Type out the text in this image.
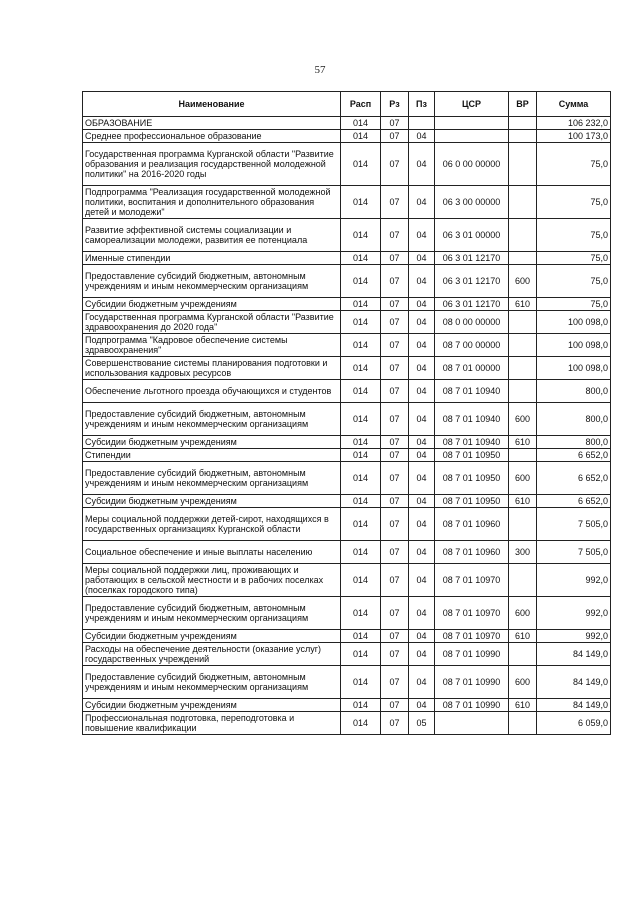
57
Наименование	Расп	Рз	Пз	ЦСР	ВР	Сумма
ОБРАЗОВАНИЕ	014	07				106 232,0
Среднее профессиональное образование	014	07	04			100 173,0
Государственная программа Курганской области "Развитие образования и реализация государственной молодежной политики" на 2016-2020 годы	014	07	04	06 0 00 00000		75,0
Подпрограмма "Реализация государственной молодежной политики, воспитания и дополнительного образования детей и молодежи"	014	07	04	06 3 00 00000		75,0
Развитие эффективной системы социализации и самореализации молодежи, развития ее потенциала	014	07	04	06 3 01 00000		75,0
Именные стипендии	014	07	04	06 3 01 12170		75,0
Предоставление субсидий бюджетным, автономным учреждениям и иным некоммерческим организациям	014	07	04	06 3 01 12170	600	75,0
Субсидии бюджетным учреждениям	014	07	04	06 3 01 12170	610	75,0
Государственная программа Курганской области "Развитие здравоохранения до 2020 года"	014	07	04	08 0 00 00000		100 098,0
Подпрограмма "Кадровое обеспечение системы здравоохранения"	014	07	04	08 7 00 00000		100 098,0
Совершенствование системы планирования подготовки и использования кадровых ресурсов	014	07	04	08 7 01 00000		100 098,0
Обеспечение льготного проезда обучающихся и студентов	014	07	04	08 7 01 10940		800,0
Предоставление субсидий бюджетным, автономным учреждениям и иным некоммерческим организациям	014	07	04	08 7 01 10940	600	800,0
Субсидии бюджетным учреждениям	014	07	04	08 7 01 10940	610	800,0
Стипендии	014	07	04	08 7 01 10950		6 652,0
Предоставление субсидий бюджетным, автономным учреждениям и иным некоммерческим организациям	014	07	04	08 7 01 10950	600	6 652,0
Субсидии бюджетным учреждениям	014	07	04	08 7 01 10950	610	6 652,0
Меры социальной поддержки детей-сирот, находящихся в государственных организациях Курганской области	014	07	04	08 7 01 10960		7 505,0
Социальное обеспечение и иные выплаты населению	014	07	04	08 7 01 10960	300	7 505,0
Меры социальной поддержки лиц, проживающих и работающих в сельской местности и в рабочих поселках (поселках городского типа)	014	07	04	08 7 01 10970		992,0
Предоставление субсидий бюджетным, автономным учреждениям и иным некоммерческим организациям	014	07	04	08 7 01 10970	600	992,0
Субсидии бюджетным учреждениям	014	07	04	08 7 01 10970	610	992,0
Расходы на обеспечение деятельности (оказание услуг) государственных учреждений	014	07	04	08 7 01 10990		84 149,0
Предоставление субсидий бюджетным, автономным учреждениям и иным некоммерческим организациям	014	07	04	08 7 01 10990	600	84 149,0
Субсидии бюджетным учреждениям	014	07	04	08 7 01 10990	610	84 149,0
Профессиональная подготовка, переподготовка и повышение квалификации	014	07	05			6 059,0
